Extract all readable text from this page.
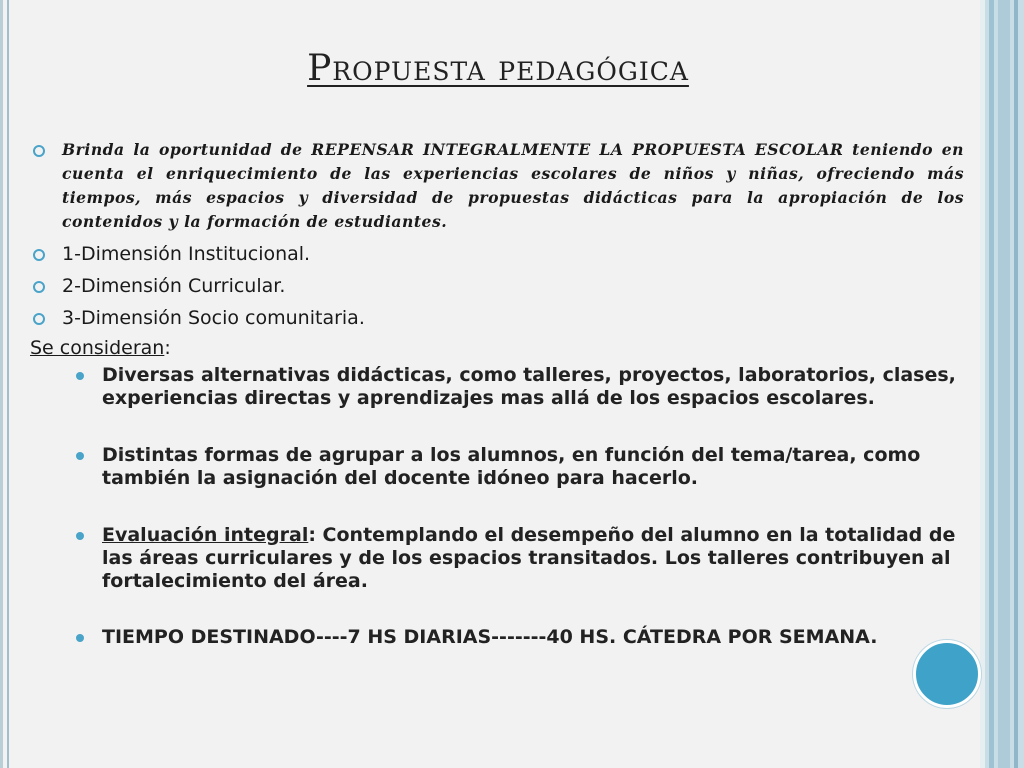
Propuesta pedagógica
Brinda la oportunidad de REPENSAR INTEGRALMENTE LA PROPUESTA ESCOLAR teniendo en cuenta el enriquecimiento de las experiencias escolares de niños y niñas, ofreciendo más tiempos, más espacios y diversidad de propuestas didácticas para la apropiación de los contenidos y la formación de estudiantes.
1-Dimensión Institucional.
2-Dimensión Curricular.
3-Dimensión Socio comunitaria.
Se consideran:
Diversas alternativas didácticas, como talleres, proyectos, laboratorios, clases, experiencias directas y aprendizajes mas allá de los espacios escolares.
Distintas formas de agrupar a los alumnos, en función del tema/tarea, como también la asignación del docente idóneo para hacerlo.
Evaluación integral: Contemplando el desempeño del alumno en la totalidad de las áreas curriculares y de los espacios transitados. Los talleres contribuyen al fortalecimiento del área.
TIEMPO DESTINADO----7 HS DIARIAS-------40 HS. CÁTEDRA POR SEMANA.
